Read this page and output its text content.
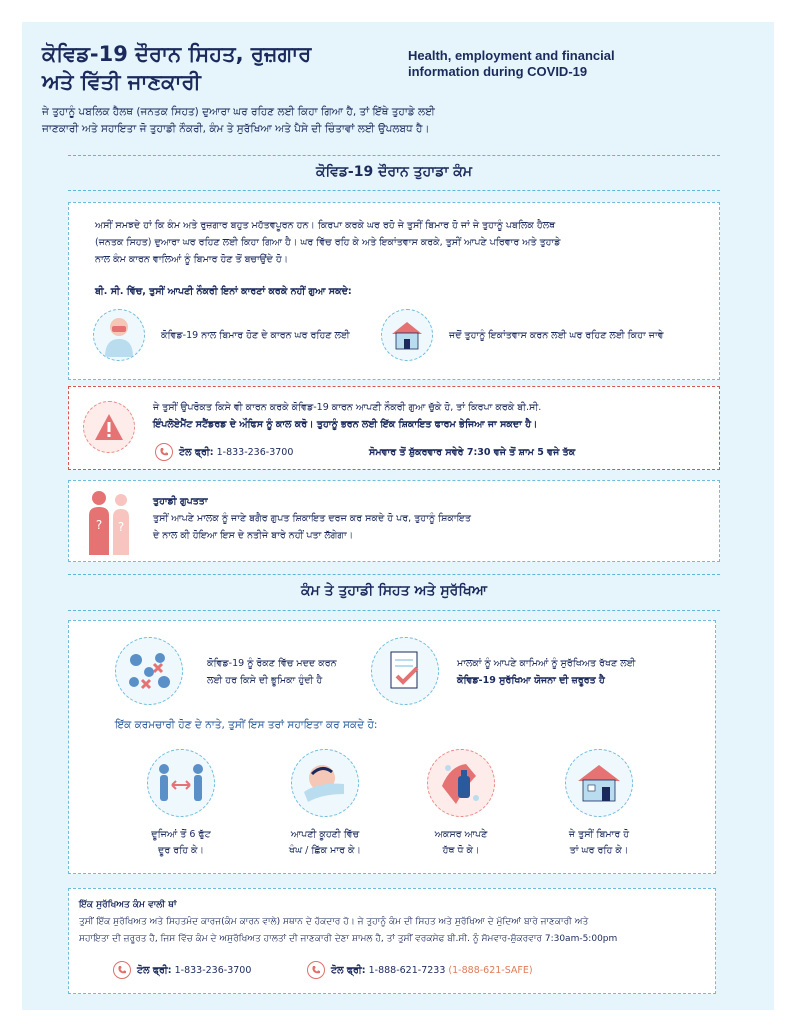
ਕੋਵਿਡ-19 ਦੌਰਾਨ ਸਿਹਤ, ਰੁਜ਼ਗਾਰ
ਅਤੇ ਵਿੱਤੀ ਜਾਣਕਾਰੀ
Health, employment and financial
information during COVID-19
ਜੇ ਤੁਹਾਨੂੰ ਪਬਲਿਕ ਹੈਲਥ (ਜਨਤਕ ਸਿਹਤ) ਦੁਆਰਾ ਘਰ ਰਹਿਣ ਲਈ ਕਿਹਾ ਗਿਆ ਹੈ, ਤਾਂ ਇੱਥੇ ਤੁਹਾਡੇ ਲਈ
ਜਾਣਕਾਰੀ ਅਤੇ ਸਹਾਇਤਾ ਜੋ ਤੁਹਾਡੀ ਨੌਕਰੀ, ਕੰਮ ਤੇ ਸੁਰੱਖਿਆ ਅਤੇ ਪੈਸੇ ਦੀ ਚਿੰਤਾਵਾਂ ਲਈ ਉਪਲਬਧ ਹੈ।
ਕੋਵਿਡ-19 ਦੌਰਾਨ ਤੁਹਾਡਾ ਕੰਮ
ਅਸੀਂ ਸਮਝਦੇ ਹਾਂ ਕਿ ਕੰਮ ਅਤੇ ਰੁਜ਼ਗਾਰ ਬਹੁਤ ਮਹੱਤਵਪੂਰਨ ਹਨ। ਕਿਰਪਾ ਕਰਕੇ ਘਰ ਰਹੋ ਜੇ ਤੁਸੀਂ ਬਿਮਾਰ ਹੋ ਜਾਂ ਜੇ ਤੁਹਾਨੂੰ ਪਬਲਿਕ ਹੈਲਥ
(ਜਨਤਕ ਸਿਹਤ) ਦੁਆਰਾ ਘਰ ਰਹਿਣ ਲਈ ਕਿਹਾ ਗਿਆ ਹੈ। ਘਰ ਵਿੱਚ ਰਹਿ ਕੇ ਅਤੇ ਇਕਾਂਤਵਾਸ ਕਰਕੇ, ਤੁਸੀਂ ਆਪਣੇ ਪਰਿਵਾਰ ਅਤੇ ਤੁਹਾਡੇ
ਨਾਲ ਕੰਮ ਕਾਰਨ ਵਾਲਿਆਂ ਨੂੰ ਬਿਮਾਰ ਹੋਣ ਤੋਂ ਬਚਾਉਂਦੇ ਹੋ।
ਬੀ. ਸੀ. ਵਿੱਚ, ਤੁਸੀਂ ਆਪਣੀ ਨੌਕਰੀ ਇਨਾਂ ਕਾਰਣਾਂ ਕਰਕੇ ਨਹੀਂ ਗੁਆ ਸਕਦੇ:
ਕੋਵਿਡ-19 ਨਾਲ ਬਿਮਾਰ ਹੋਣ ਦੇ ਕਾਰਨ ਘਰ ਰਹਿਣ ਲਈ	ਜਦੋਂ ਤੁਹਾਨੂੰ ਇਕਾਂਤਵਾਸ ਕਰਨ ਲਈ ਘਰ ਰਹਿਣ ਲਈ ਕਿਹਾ ਜਾਵੇ
ਜੇ ਤੁਸੀਂ ਉਪਰੋਕਤ ਕਿਸੇ ਵੀ ਕਾਰਨ ਕਰਕੇ ਕੋਵਿਡ-19 ਕਾਰਨ ਆਪਣੀ ਨੌਕਰੀ ਗੁਆ ਚੁੱਕੇ ਹੋ, ਤਾਂ ਕਿਰਪਾ ਕਰਕੇ ਬੀ.ਸੀ.
ਇੰਪਲੋਏਮੈਂਟ ਸਟੈਂਡਰਡ ਦੇ ਔਫਿਸ ਨੂੰ ਕਾਲ ਕਰੋ। ਤੁਹਾਨੂੰ ਭਰਨ ਲਈ ਇੱਕ ਸ਼ਿਕਾਇਤ ਫਾਰਮ ਭੇਜਿਆ ਜਾ ਸਕਦਾ ਹੈ।
ਟੋਲ ਫ੍ਰੀ: 1-833-236-3700	ਸੋਮਵਾਰ ਤੋਂ ਸ਼ੁੱਕਰਵਾਰ ਸਵੇਰੇ 7:30 ਵਜੇ ਤੋਂ ਸ਼ਾਮ 5 ਵਜੇ ਤੱਕ
? ?
ਤੁਹਾਡੀ ਗੁਪਤਤਾ
ਤੁਸੀਂ ਆਪਣੇ ਮਾਲਕ ਨੂੰ ਜਾਣੇ ਬਗੈਰ ਗੁਪਤ ਸ਼ਿਕਾਇਤ ਦਰਜ ਕਰ ਸਕਦੇ ਹੋ ਪਰ, ਤੁਹਾਨੂੰ ਸ਼ਿਕਾਇਤ
ਦੇ ਨਾਲ ਕੀ ਹੋਇਆ ਇਸ ਦੇ ਨਤੀਜੇ ਬਾਰੇ ਨਹੀਂ ਪਤਾ ਲੱਗੇਗਾ।
ਕੰਮ ਤੇ ਤੁਹਾਡੀ ਸਿਹਤ ਅਤੇ ਸੁਰੱਖਿਆ
ਕੋਵਿਡ-19 ਨੂੰ ਰੋਕਣ ਵਿੱਚ ਮਦਦ ਕਰਨ
ਲਈ ਹਰ ਕਿਸੇ ਦੀ ਭੂਮਿਕਾ ਹੁੰਦੀ ਹੈ
ਮਾਲਕਾਂ ਨੂੰ ਆਪਣੇ ਕਾਮਿਆਂ ਨੂੰ ਸੁਰੱਖਿਅਤ ਰੱਖਣ ਲਈ
ਕੋਵਿਡ-19 ਸੁਰੱਖਿਆ ਯੋਜਨਾ ਦੀ ਜ਼ਰੂਰਤ ਹੈ
ਇੱਕ ਕਰਮਚਾਰੀ ਹੋਣ ਦੇ ਨਾਤੇ, ਤੁਸੀਂ ਇਸ ਤਰਾਂ ਸਹਾਇਤਾ ਕਰ ਸਕਦੇ ਹੋ:
ਦੂਜਿਆਂ ਤੋਂ 6 ਫੁੱਟ
ਦੂਰ ਰਹਿ ਕੇ।
ਆਪਣੀ ਕੂਹਣੀ ਵਿੱਚ
ਖੰਘ / ਛਿੱਕ ਮਾਰ ਕੇ।
ਅਕਸਰ ਆਪਣੇ
ਹੱਥ ਧੋ ਕੇ।
ਜੇ ਤੁਸੀਂ ਬਿਮਾਰ ਹੋ
ਤਾਂ ਘਰ ਰਹਿ ਕੇ।
ਇੱਕ ਸੁਰੱਖਿਅਤ ਕੰਮ ਵਾਲੀ ਥਾਂ
ਤੁਸੀਂ ਇੱਕ ਸੁਰੱਖਿਅਤ ਅਤੇ ਸਿਹਤਮੰਦ ਕਾਰਜ(ਕੰਮ ਕਾਰਨ ਵਾਲੇ) ਸਥਾਨ ਦੇ ਹੱਕਦਾਰ ਹੋ। ਜੇ ਤੁਹਾਨੂੰ ਕੰਮ ਦੀ ਸਿਹਤ ਅਤੇ ਸੁਰੱਖਿਆ ਦੇ ਮੁੱਦਿਆਂ ਬਾਰੇ ਜਾਣਕਾਰੀ ਅਤੇ
ਸਹਾਇਤਾ ਦੀ ਜ਼ਰੂਰਤ ਹੈ, ਜਿਸ ਵਿੱਚ ਕੰਮ ਦੇ ਅਸੁਰੱਖਿਅਤ ਹਾਲਤਾਂ ਦੀ ਜਾਣਕਾਰੀ ਦੇਣਾ ਸ਼ਾਮਲ ਹੈ, ਤਾਂ ਤੁਸੀਂ ਵਰਕਸੇਫ ਬੀ.ਸੀ. ਨੂੰ ਸੋਮਵਾਰ-ਸ਼ੁੱਕਰਵਾਰ 7:30am-5:00pm
ਟੋਲ ਫ੍ਰੀ: 1-833-236-3700	ਟੋਲ ਫ੍ਰੀ: 1-888-621-7233 (1-888-621-SAFE)
